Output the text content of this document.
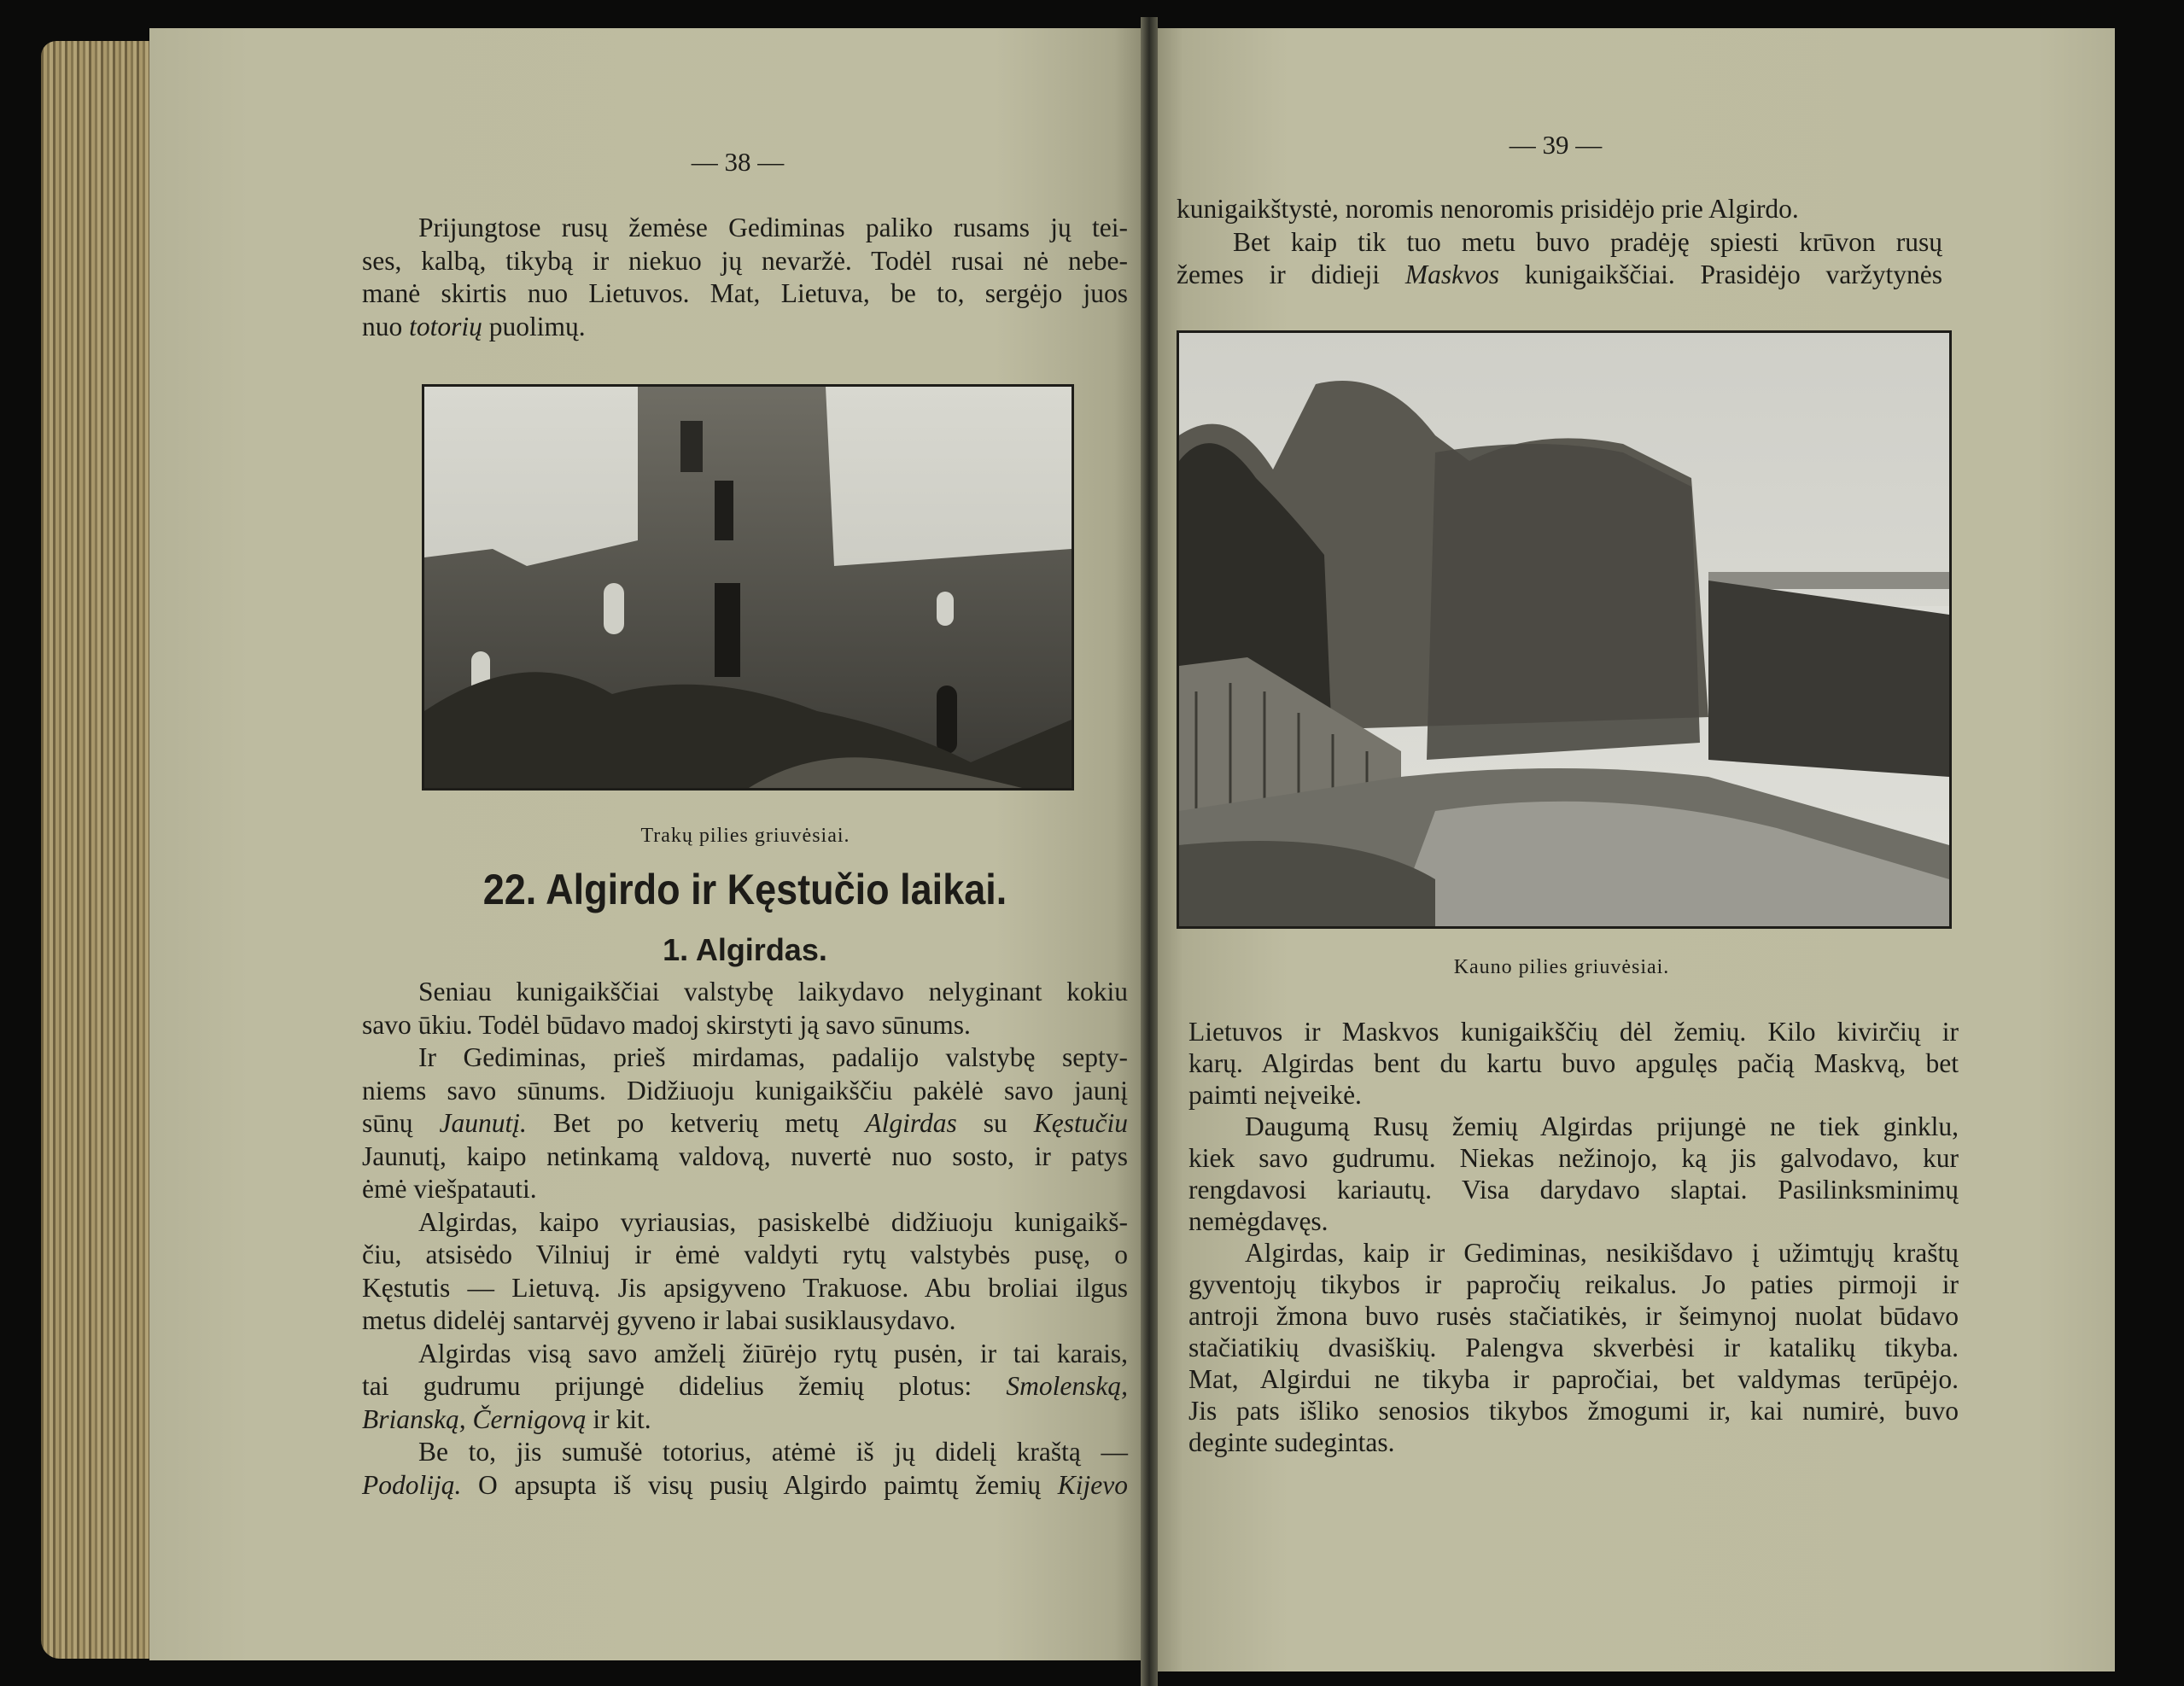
— 38 —
Prijungtose rusų žemėse Gediminas paliko rusams jų tei-
ses, kalbą, tikybą ir niekuo jų nevaržė. Todėl rusai nė nebe-
manė skirtis nuo Lietuvos. Mat, Lietuva, be to, sergėjo juos
nuo totorių puolimų.
Trakų pilies griuvėsiai.
22. Algirdo ir Kęstučio laikai.
1. Algirdas.
Seniau kunigaikščiai valstybę laikydavo nelyginant kokiu
savo ūkiu. Todėl būdavo madoj skirstyti ją savo sūnums.
Ir Gediminas, prieš mirdamas, padalijo valstybę septy-
niems savo sūnums. Didžiuoju kunigaikščiu pakėlė savo jaunį
sūnų Jaunutį. Bet po ketverių metų Algirdas su Kęstučiu
Jaunutį, kaipo netinkamą valdovą, nuvertė nuo sosto, ir patys
ėmė viešpatauti.
Algirdas, kaipo vyriausias, pasiskelbė didžiuoju kunigaikš-
čiu, atsisėdo Vilniuj ir ėmė valdyti rytų valstybės pusę, o
Kęstutis — Lietuvą. Jis apsigyveno Trakuose. Abu broliai ilgus
metus didelėj santarvėj gyveno ir labai susiklausydavo.
Algirdas visą savo amželį žiūrėjo rytų pusėn, ir tai karais,
tai gudrumu prijungė didelius žemių plotus: Smolenską,
Brianską, Černigovą ir kit.
Be to, jis sumušė totorius, atėmė iš jų didelį kraštą —
Podoliją. O apsupta iš visų pusių Algirdo paimtų žemių Kijevo
— 39 —
kunigaikštystė, noromis nenoromis prisidėjo prie Algirdo.
Bet kaip tik tuo metu buvo pradėję spiesti krūvon rusų
žemes ir didieji Maskvos kunigaikščiai. Prasidėjo varžytynės
Kauno pilies griuvėsiai.
Lietuvos ir Maskvos kunigaikščių dėl žemių. Kilo kivirčių ir
karų. Algirdas bent du kartu buvo apgulęs pačią Maskvą, bet
paimti neįveikė.
Daugumą Rusų žemių Algirdas prijungė ne tiek ginklu,
kiek savo gudrumu. Niekas nežinojo, ką jis galvodavo, kur
rengdavosi kariautų. Visa darydavo slaptai. Pasilinksminimų
nemėgdavęs.
Algirdas, kaip ir Gediminas, nesikišdavo į užimtųjų kraštų
gyventojų tikybos ir papročių reikalus. Jo paties pirmoji ir
antroji žmona buvo rusės stačiatikės, ir šeimynoj nuolat būdavo
stačiatikių dvasiškių. Palengva skverbėsi ir katalikų tikyba.
Mat, Algirdui ne tikyba ir papročiai, bet valdymas terūpėjo.
Jis pats išliko senosios tikybos žmogumi ir, kai numirė, buvo
deginte sudegintas.
